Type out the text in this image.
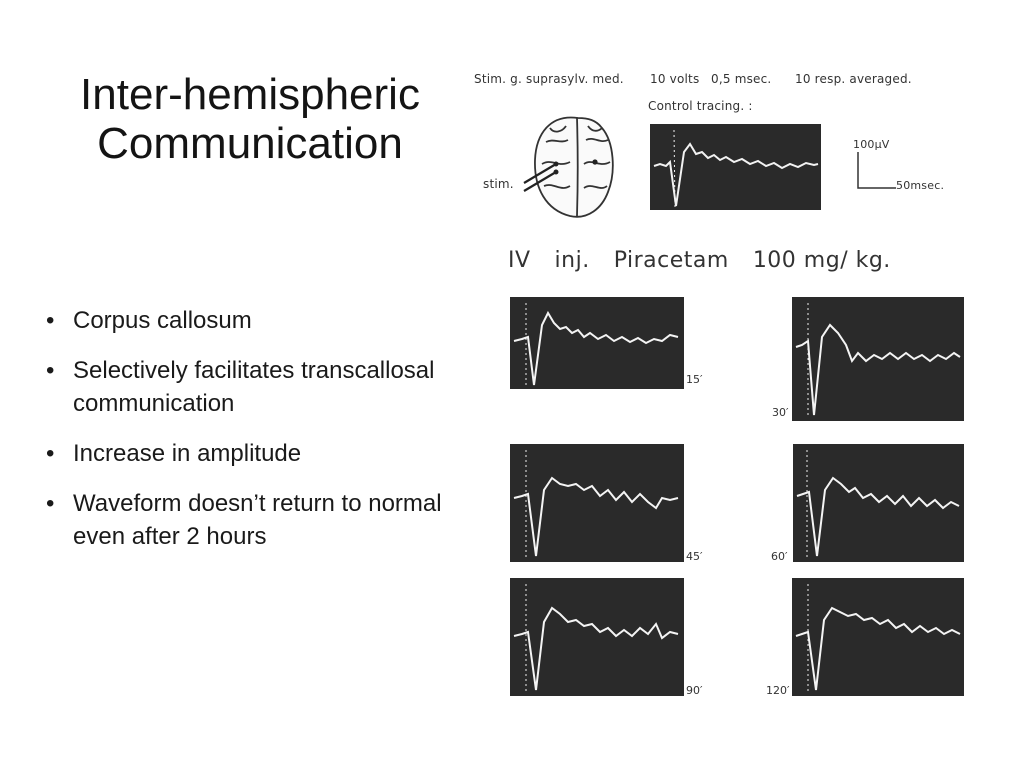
Inter-hemispheric
Communication
• Corpus callosum
• Selectively facilitates transcallosal communication
• Increase in amplitude
• Waveform doesn’t return to normal even after 2 hours
Stim. g. suprasylv. med. 10 volts 0,5 msec. 10 resp. averaged.
Control tracing. :
stim.
100µV
50msec.
IV inj. Piracetam 100 mg/ kg.
15′
30′
45′	60′
90′	120′
